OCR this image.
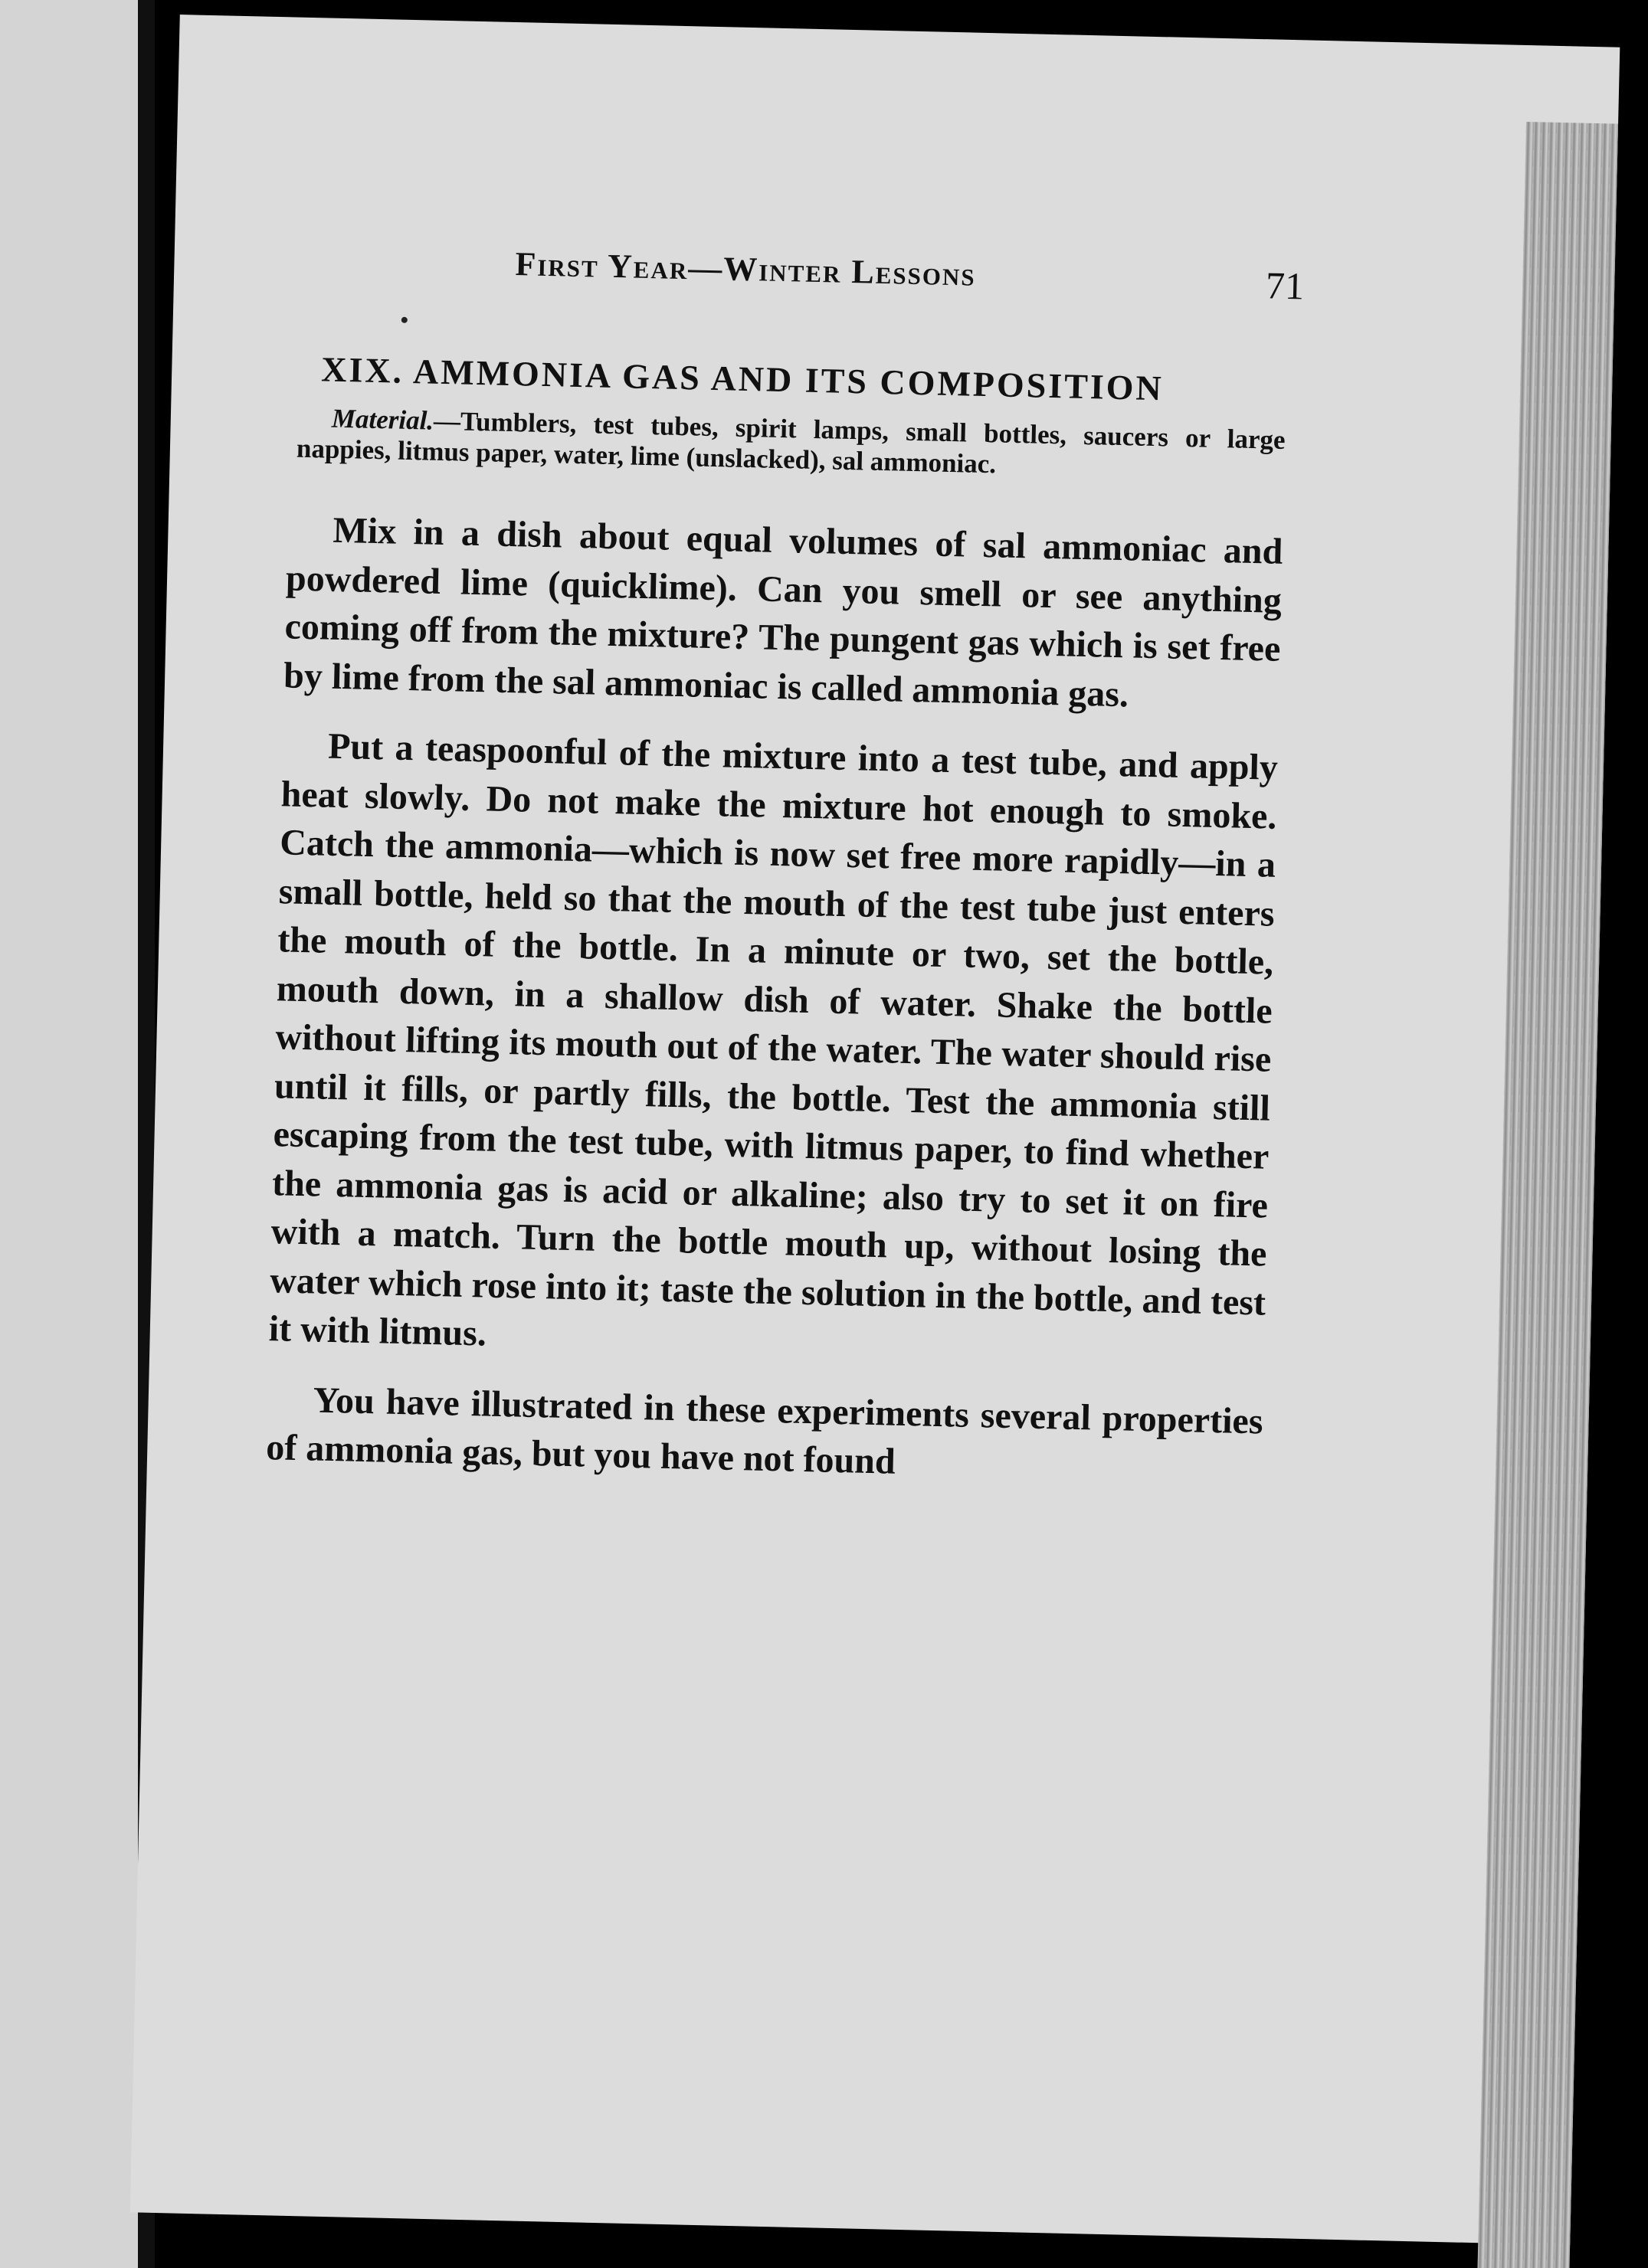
First Year—Winter Lessons	71
XIX. AMMONIA GAS AND ITS COMPOSITION

Material.—Tumblers, test tubes, spirit lamps, small bottles, saucers or large nappies, litmus paper, water, lime (unslacked), sal ammoniac.

Mix in a dish about equal volumes of sal ammoniac and powdered lime (quicklime). Can you smell or see anything coming off from the mixture? The pungent gas which is set free by lime from the sal ammoniac is called ammonia gas.

Put a teaspoonful of the mixture into a test tube, and apply heat slowly. Do not make the mixture hot enough to smoke. Catch the ammonia—which is now set free more rapidly—in a small bottle, held so that the mouth of the test tube just enters the mouth of the bottle. In a minute or two, set the bottle, mouth down, in a shallow dish of water. Shake the bottle without lifting its mouth out of the water. The water should rise until it fills, or partly fills, the bottle. Test the ammonia still escaping from the test tube, with litmus paper, to find whether the ammonia gas is acid or alkaline; also try to set it on fire with a match. Turn the bottle mouth up, without losing the water which rose into it; taste the solution in the bottle, and test it with litmus.

You have illustrated in these experiments several properties of ammonia gas, but you have not found
